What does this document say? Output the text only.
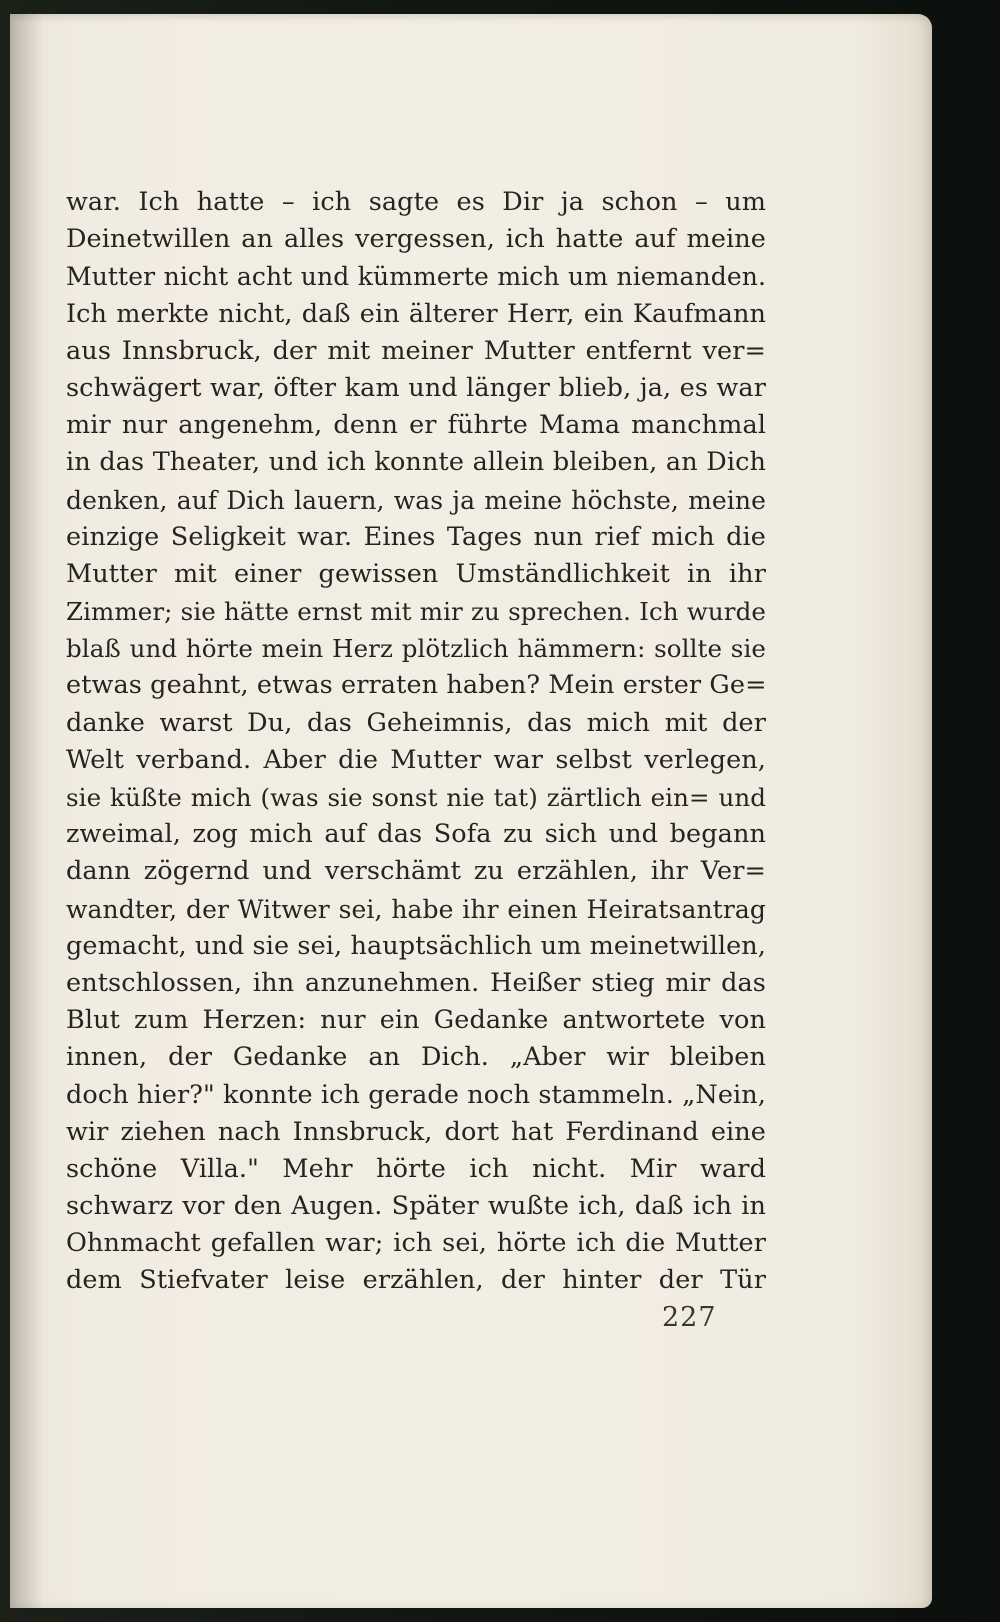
war. Ich hatte – ich sagte es Dir ja schon – um
Deinetwillen an alles vergessen, ich hatte auf meine
Mutter nicht acht und kümmerte mich um niemanden.
Ich merkte nicht, daß ein älterer Herr, ein Kaufmann
aus Innsbruck, der mit meiner Mutter entfernt ver=
schwägert war, öfter kam und länger blieb, ja, es war
mir nur angenehm, denn er führte Mama manchmal
in das Theater, und ich konnte allein bleiben, an Dich
denken, auf Dich lauern, was ja meine höchste, meine
einzige Seligkeit war. Eines Tages nun rief mich die
Mutter mit einer gewissen Umständlichkeit in ihr
Zimmer; sie hätte ernst mit mir zu sprechen. Ich wurde
blaß und hörte mein Herz plötzlich hämmern: sollte sie
etwas geahnt, etwas erraten haben? Mein erster Ge=
danke warst Du, das Geheimnis, das mich mit der
Welt verband. Aber die Mutter war selbst verlegen,
sie küßte mich (was sie sonst nie tat) zärtlich ein= und
zweimal, zog mich auf das Sofa zu sich und begann
dann zögernd und verschämt zu erzählen, ihr Ver=
wandter, der Witwer sei, habe ihr einen Heiratsantrag
gemacht, und sie sei, hauptsächlich um meinetwillen,
entschlossen, ihn anzunehmen. Heißer stieg mir das
Blut zum Herzen: nur ein Gedanke antwortete von
innen, der Gedanke an Dich. „Aber wir bleiben
doch hier?" konnte ich gerade noch stammeln. „Nein,
wir ziehen nach Innsbruck, dort hat Ferdinand eine
schöne Villa." Mehr hörte ich nicht. Mir ward
schwarz vor den Augen. Später wußte ich, daß ich in
Ohnmacht gefallen war; ich sei, hörte ich die Mutter
dem Stiefvater leise erzählen, der hinter der Tür
227
